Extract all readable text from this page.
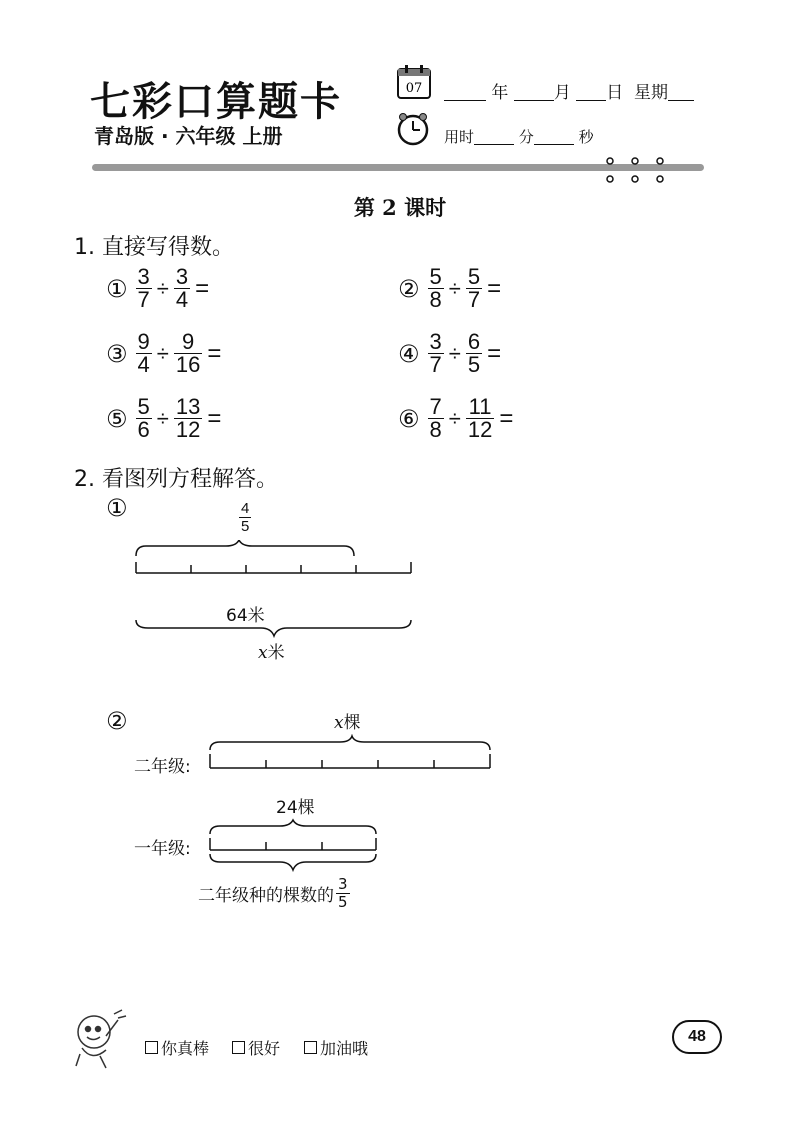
七彩口算题卡
青岛版 · 六年级 上册
07	年	月 日 星期
用时	分	秒
第 2 课时
1. 直接写得数。
① $\frac{3}{7} \div \frac{3}{4}$ =	② $\frac{5}{8} \div \frac{5}{7}$ =
③ $\frac{9}{4} \div \frac{9}{16}$ =	④ $\frac{3}{7} \div \frac{6}{5}$ =
⑤ $\frac{5}{6} \div \frac{13}{12}$ =	⑥ $\frac{7}{8} \div \frac{11}{12}$ =
2. 看图列方程解答。
①	$\frac{4}{5}$
64米
x米
②	x棵
二年级:
24棵
一年级:
二年级种的棵数的 $\frac{3}{5}$
你真棒 很好 加油哦
48
